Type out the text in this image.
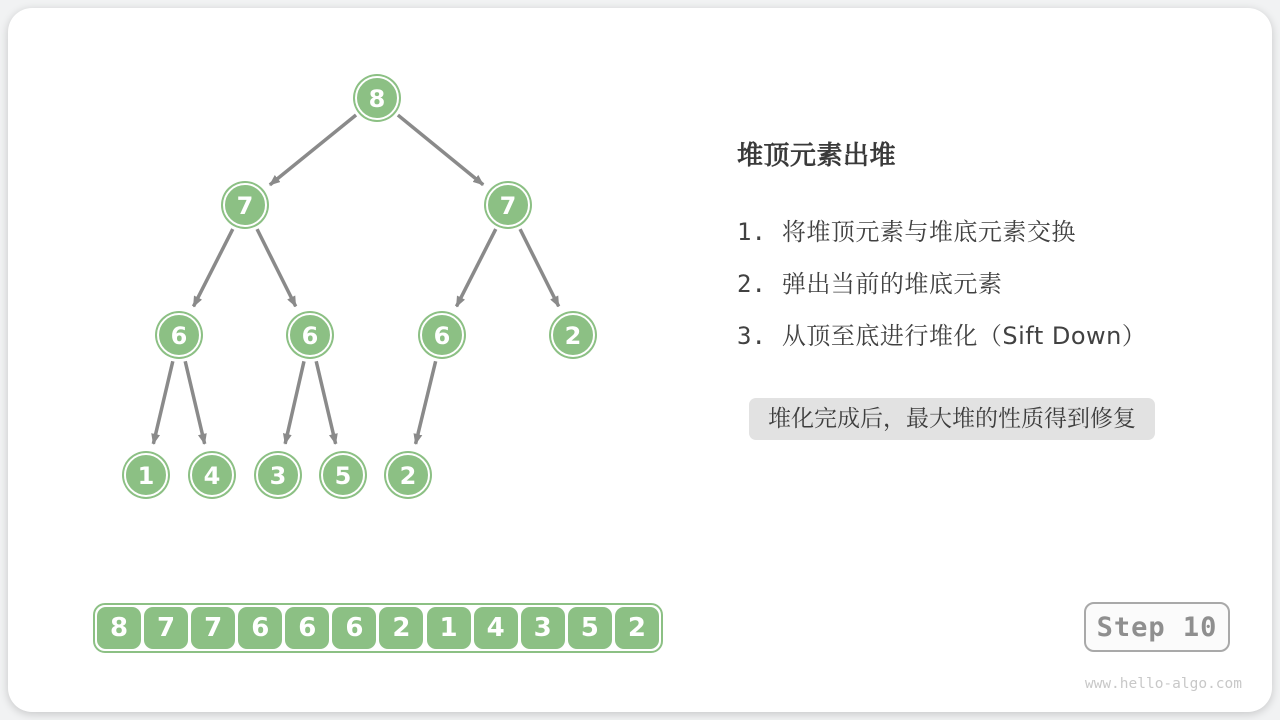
8
7	7
6	6	6	2
1 4 3 5 2
堆顶元素出堆
1. 将堆顶元素与堆底元素交换
2. 弹出当前的堆底元素
3. 从顶至底进行堆化（Sift Down）
堆化完成后，最大堆的性质得到修复
8	7	7	6	6	6	2	1	4	3	5	2	Step 10
www.hello-algo.com
